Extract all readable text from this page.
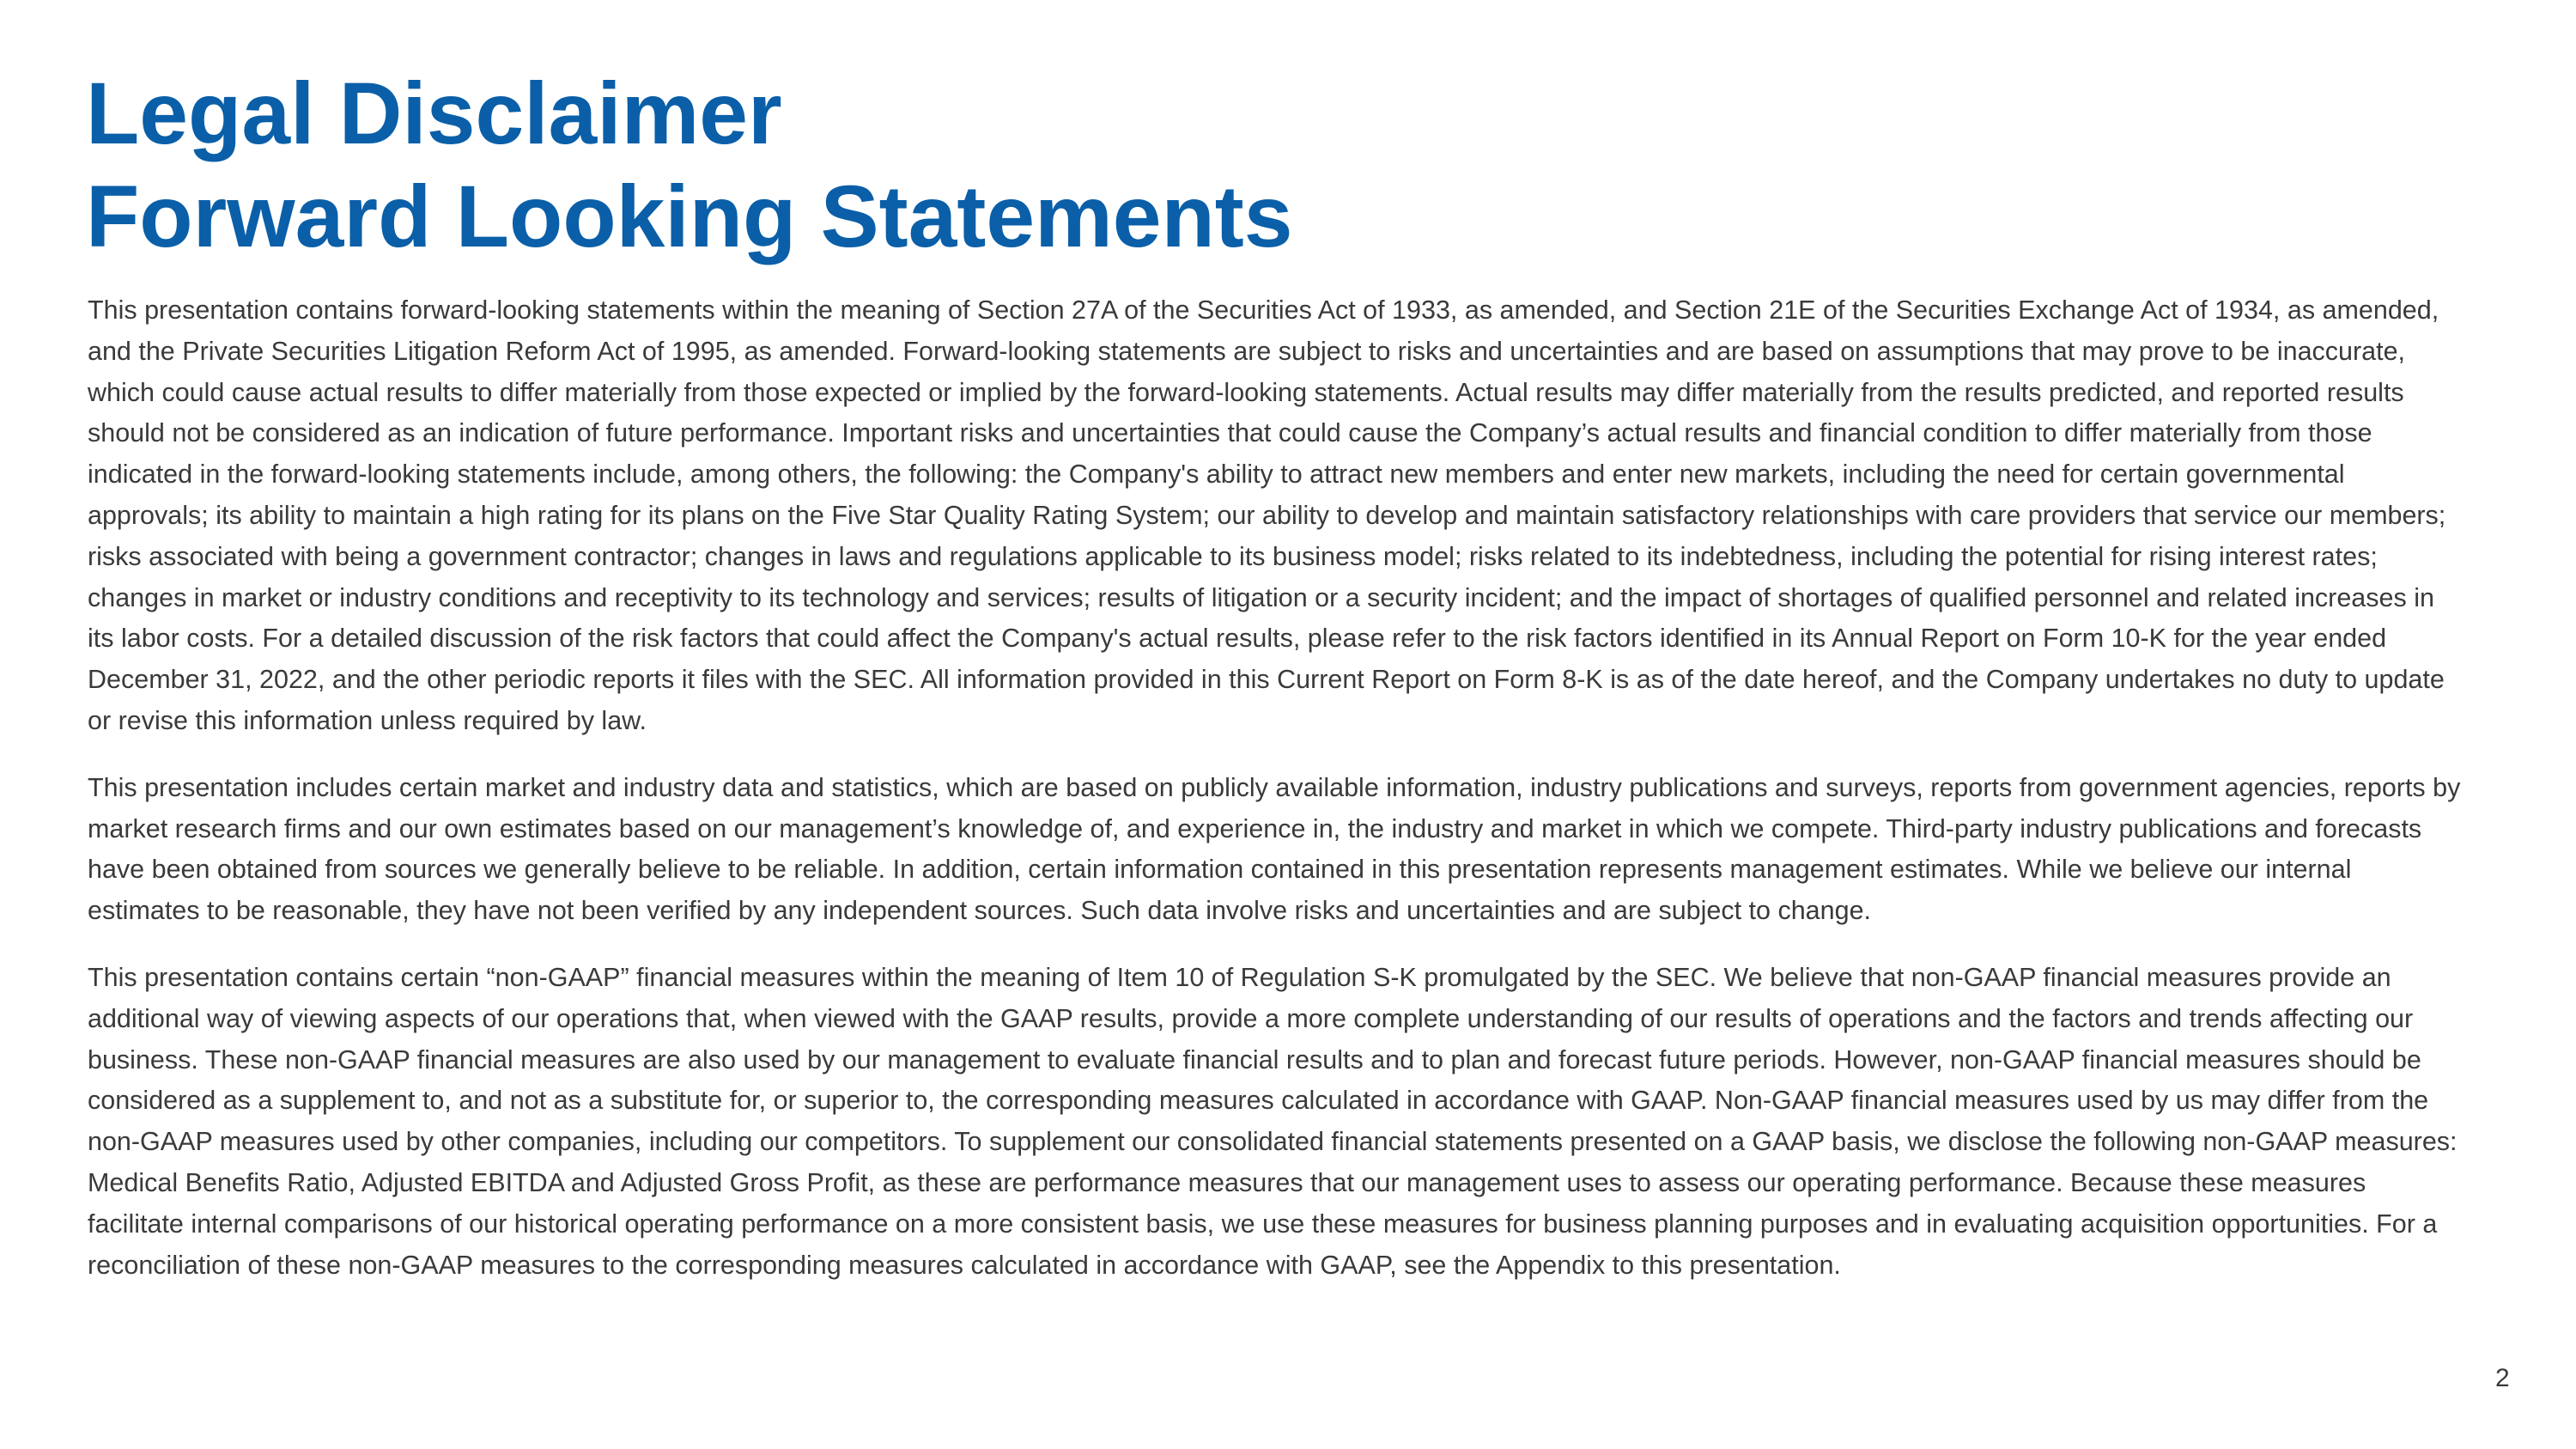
Legal Disclaimer
Forward Looking Statements

This presentation contains forward-looking statements within the meaning of Section 27A of the Securities Act of 1933, as amended, and Section 21E of the Securities Exchange Act of 1934, as amended, and the Private Securities Litigation Reform Act of 1995, as amended. Forward-looking statements are subject to risks and uncertainties and are based on assumptions that may prove to be inaccurate, which could cause actual results to differ materially from those expected or implied by the forward-looking statements. Actual results may differ materially from the results predicted, and reported results should not be considered as an indication of future performance. Important risks and uncertainties that could cause the Company’s actual results and financial condition to differ materially from those indicated in the forward-looking statements include, among others, the following: the Company's ability to attract new members and enter new markets, including the need for certain governmental approvals; its ability to maintain a high rating for its plans on the Five Star Quality Rating System; our ability to develop and maintain satisfactory relationships with care providers that service our members; risks associated with being a government contractor; changes in laws and regulations applicable to its business model; risks related to its indebtedness, including the potential for rising interest rates; changes in market or industry conditions and receptivity to its technology and services; results of litigation or a security incident; and the impact of shortages of qualified personnel and related increases in its labor costs. For a detailed discussion of the risk factors that could affect the Company's actual results, please refer to the risk factors identified in its Annual Report on Form 10-K for the year ended December 31, 2022, and the other periodic reports it files with the SEC. All information provided in this Current Report on Form 8-K is as of the date hereof, and the Company undertakes no duty to update or revise this information unless required by law.

This presentation includes certain market and industry data and statistics, which are based on publicly available information, industry publications and surveys, reports from government agencies, reports by market research firms and our own estimates based on our management’s knowledge of, and experience in, the industry and market in which we compete. Third-party industry publications and forecasts have been obtained from sources we generally believe to be reliable. In addition, certain information contained in this presentation represents management estimates. While we believe our internal estimates to be reasonable, they have not been verified by any independent sources. Such data involve risks and uncertainties and are subject to change.

This presentation contains certain “non-GAAP” financial measures within the meaning of Item 10 of Regulation S-K promulgated by the SEC. We believe that non-GAAP financial measures provide an additional way of viewing aspects of our operations that, when viewed with the GAAP results, provide a more complete understanding of our results of operations and the factors and trends affecting our business. These non-GAAP financial measures are also used by our management to evaluate financial results and to plan and forecast future periods. However, non-GAAP financial measures should be considered as a supplement to, and not as a substitute for, or superior to, the corresponding measures calculated in accordance with GAAP. Non-GAAP financial measures used by us may differ from the non-GAAP measures used by other companies, including our competitors. To supplement our consolidated financial statements presented on a GAAP basis, we disclose the following non-GAAP measures: Medical Benefits Ratio, Adjusted EBITDA and Adjusted Gross Profit, as these are performance measures that our management uses to assess our operating performance. Because these measures facilitate internal comparisons of our historical operating performance on a more consistent basis, we use these measures for business planning purposes and in evaluating acquisition opportunities. For a reconciliation of these non-GAAP measures to the corresponding measures calculated in accordance with GAAP, see the Appendix to this presentation.

2
